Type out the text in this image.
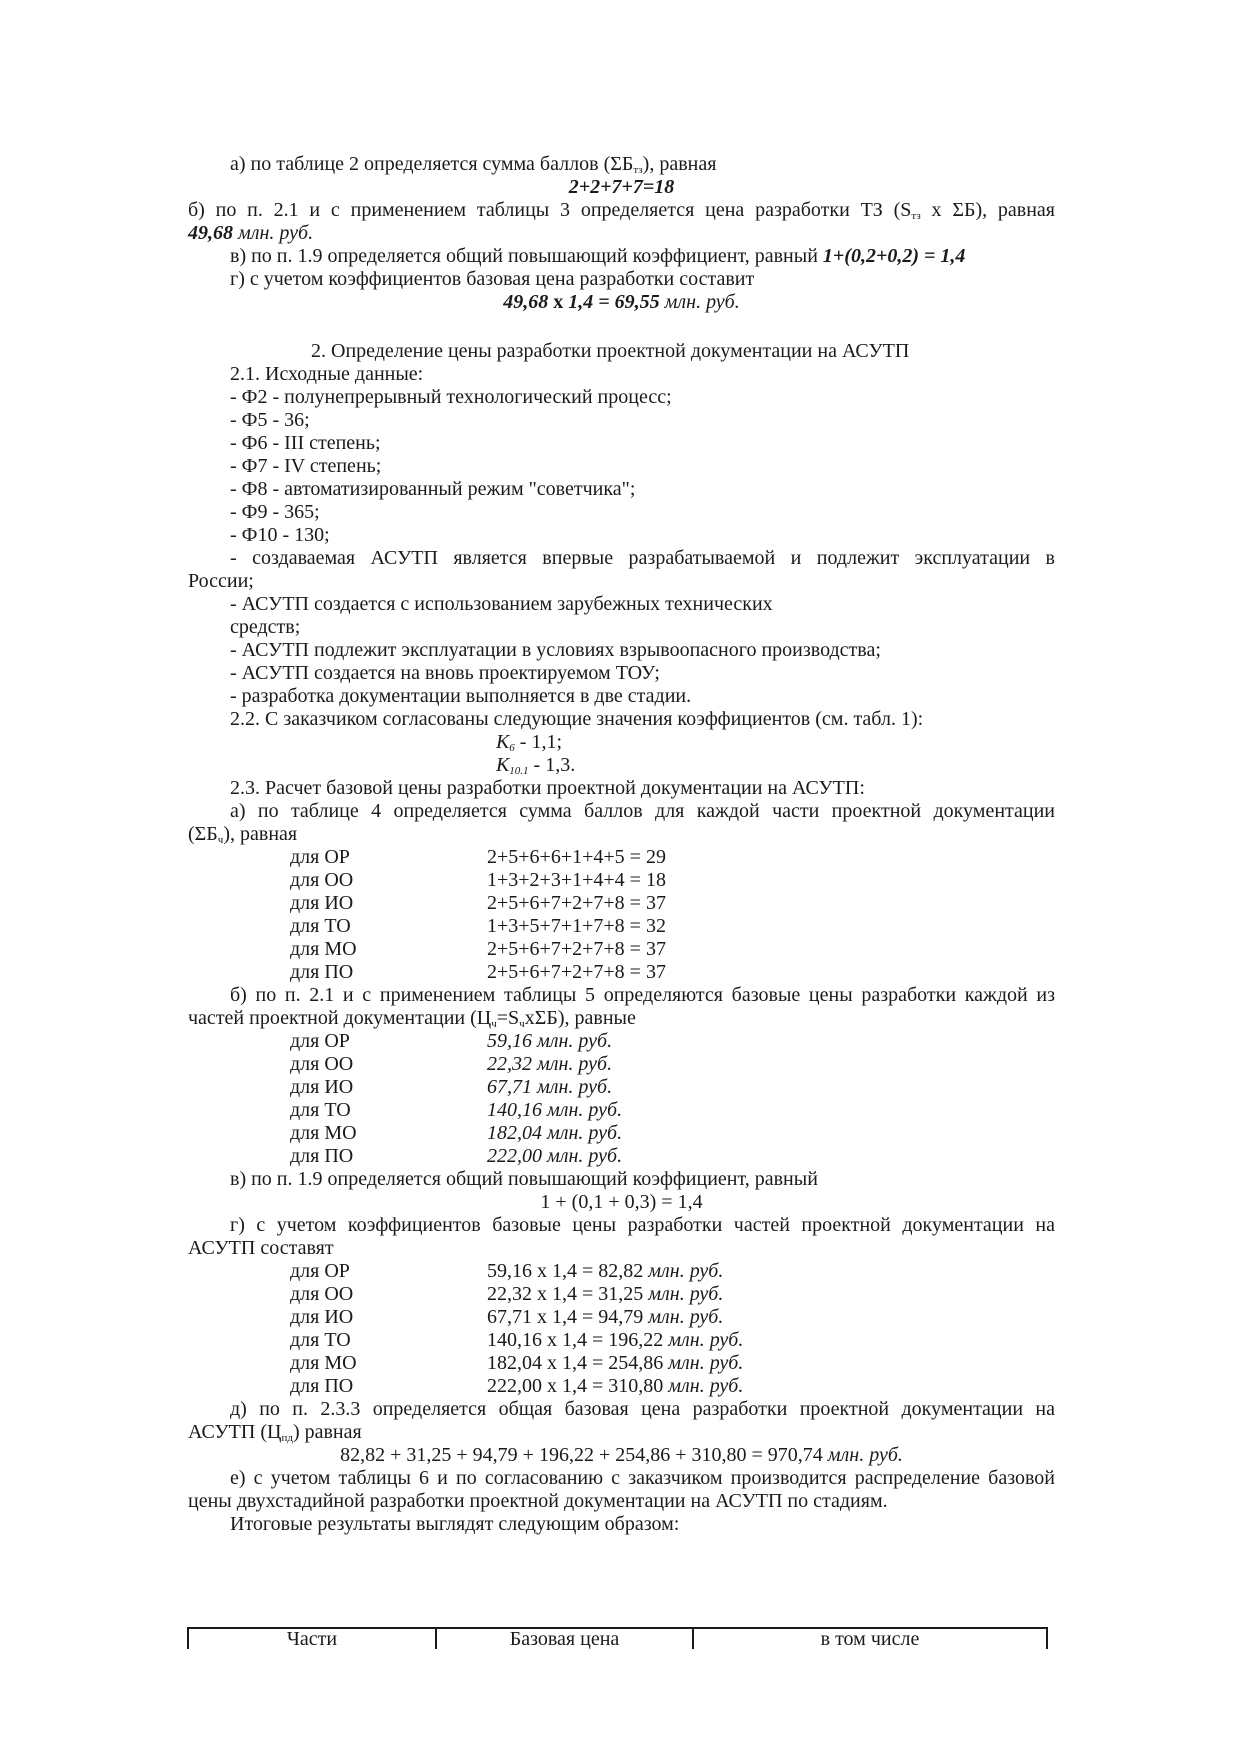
а) по таблице 2 определяется сумма баллов $(\Sigma Б_{тз})$, равная
2+2+7+7=18
б) по п. 2.1 и с применением таблицы 3 определяется цена разработки ТЗ ($S_{тз}$ х ΣБ), равная
49,68 млн. руб.
в) по п. 1.9 определяется общий повышающий коэффициент, равный 1+(0,2+0,2) = 1,4
г) с учетом коэффициентов базовая цена разработки составит
49,68 х 1,4 = 69,55 млн. руб.
2. Определение цены разработки проектной документации на АСУТП
2.1. Исходные данные:
- Ф2 - полунепрерывный технологический процесс;
- Ф5 - 36;
- Ф6 - III степень;
- Ф7 - IV степень;
- Ф8 - автоматизированный режим "советчика";
- Ф9 - 365;
- Ф10 - 130;
- создаваемая АСУТП является впервые разрабатываемой и подлежит эксплуатации в
России;
- АСУТП создается с использованием зарубежных технических
средств;
- АСУТП подлежит эксплуатации в условиях взрывоопасного производства;
- АСУТП создается на вновь проектируемом ТОУ;
- разработка документации выполняется в две стадии.
2.2. С заказчиком согласованы следующие значения коэффициентов (см. табл. 1):
$К_6 - 1,1$;
$К_{10.1} - 1,3$.
2.3. Расчет базовой цены разработки проектной документации на АСУТП:
а) по таблице 4 определяется сумма баллов для каждой части проектной документации
$(\Sigma Б_ч)$, равная
для ОР	2+5+6+6+1+4+5 = 29
для ОО	1+3+2+3+1+4+4 = 18
для ИО	2+5+6+7+2+7+8 = 37
для ТО	1+3+5+7+1+7+8 = 32
для МО	2+5+6+7+2+7+8 = 37
для ПО	2+5+6+7+2+7+8 = 37
б) по п. 2.1 и с применением таблицы 5 определяются базовые цены разработки каждой из
частей проектной документации $(Ц_ч=S_чх\Sigma Б)$, равные
для ОР	59,16 млн. руб.
для ОО	22,32 млн. руб.
для ИО	67,71 млн. руб.
для ТО	140,16 млн. руб.
для МО	182,04 млн. руб.
для ПО	222,00 млн. руб.
в) по п. 1.9 определяется общий повышающий коэффициент, равный
1 + (0,1 + 0,3) = 1,4
г) с учетом коэффициентов базовые цены разработки частей проектной документации на
АСУТП составят
для ОР	59,16 х 1,4 = 82,82 млн. руб.
для ОО	22,32 х 1,4 = 31,25 млн. руб.
для ИО	67,71 х 1,4 = 94,79 млн. руб.
для ТО	140,16 х 1,4 = 196,22 млн. руб.
для МО	182,04 х 1,4 = 254,86 млн. руб.
для ПО	222,00 х 1,4 = 310,80 млн. руб.
д) по п. 2.3.3 определяется общая базовая цена разработки проектной документации на
АСУТП $(Ц_{пд})$ равная
82,82 + 31,25 + 94,79 + 196,22 + 254,86 + 310,80 = 970,74 млн. руб.
е) с учетом таблицы 6 и по согласованию с заказчиком производится распределение базовой
цены двухстадийной разработки проектной документации на АСУТП по стадиям.
Итоговые результаты выглядят следующим образом:
Части	Базовая цена	в том числе
